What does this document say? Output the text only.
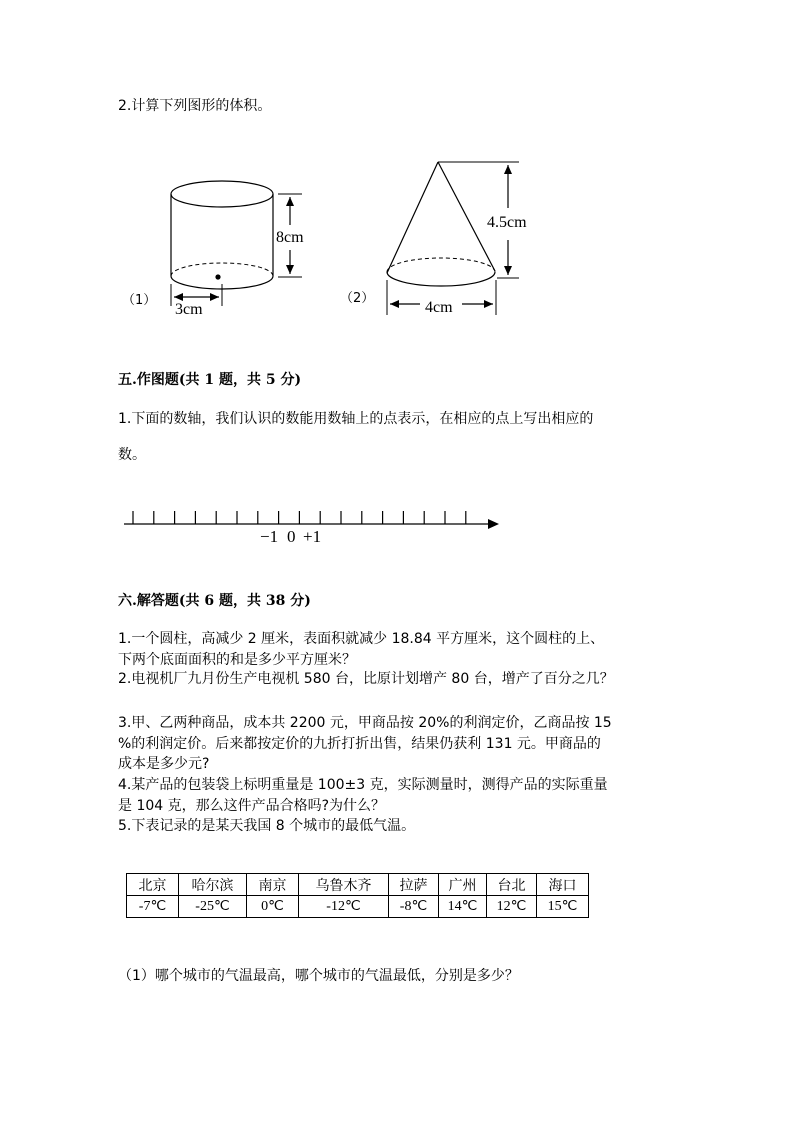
2.计算下列图形的体积。

（1）
8cm
3cm
（2）
4.5cm
4cm

五.作图题(共 1 题，共 5 分)

1.下面的数轴，我们认识的数能用数轴上的点表示，在相应的点上写出相应的

数。

−1 0 +1

六.解答题(共 6 题，共 38 分)

1.一个圆柱，高减少 2 厘米，表面积就减少 18.84 平方厘米，这个圆柱的上、

下两个底面面积的和是多少平方厘米？

2.电视机厂九月份生产电视机 580 台，比原计划增产 80 台，增产了百分之几？

3.甲、乙两种商品，成本共 2200 元，甲商品按 20%的利润定价，乙商品按 15

%的利润定价。后来都按定价的九折打折出售，结果仍获利 131 元。甲商品的

成本是多少元?

4.某产品的包装袋上标明重量是 100±3 克，实际测量时，测得产品的实际重量

是 104 克，那么这件产品合格吗?为什么？

5.下表记录的是某天我国 8 个城市的最低气温。

北京	哈尔滨	南京	乌鲁木齐	拉萨	广州	台北	海口
-7℃	-25℃	0℃	-12℃	-8℃	14℃	12℃	15℃

（1）哪个城市的气温最高，哪个城市的气温最低，分别是多少？
